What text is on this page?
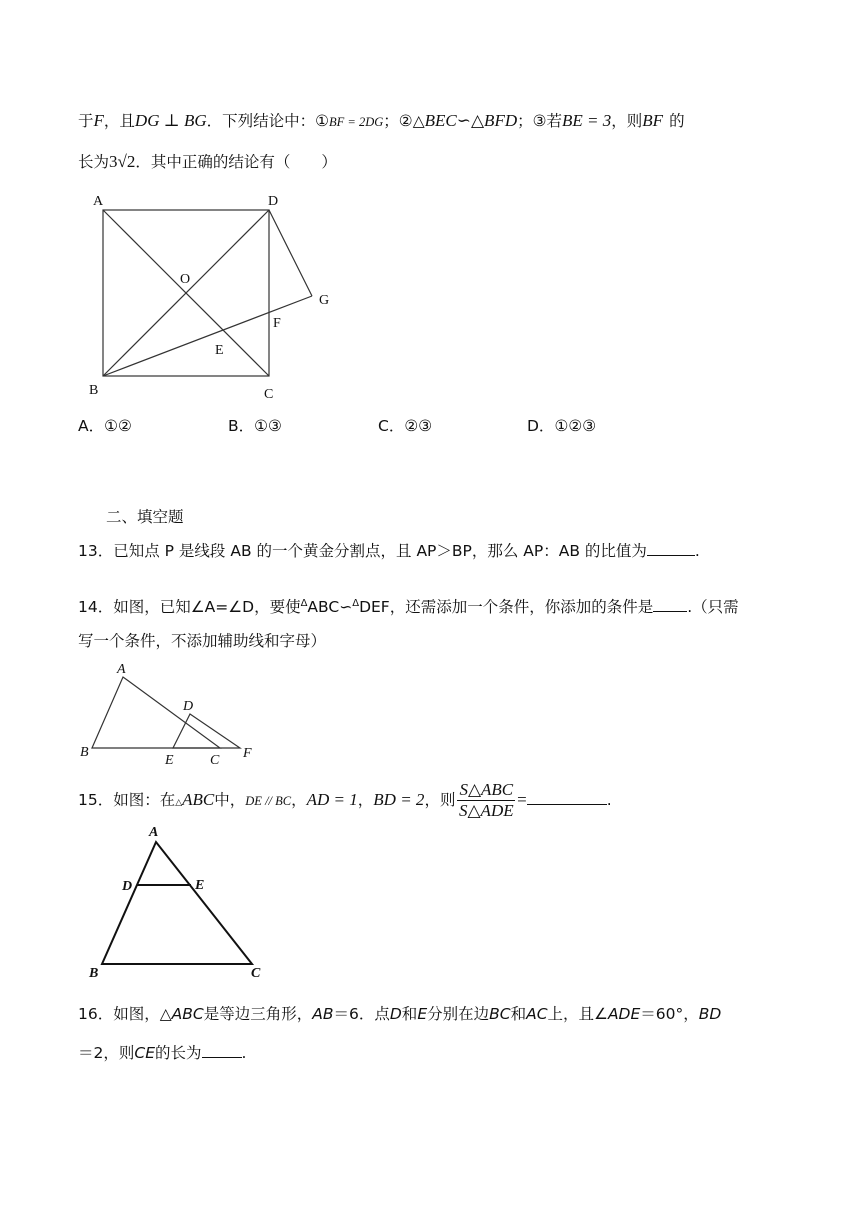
于F，且DG ⊥ BG．下列结论中：①BF = 2DG；②△BEC∽△BFD；③若BE = 3，则BF 的
长为3√2．其中正确的结论有（　　）
A	D
O
G
F
E
B	C
A．①②	B．①③	C．②③	D．①②③
二、填空题
13．已知点 P 是线段 AB 的一个黄金分割点，且 AP＞BP，那么 AP：AB 的比值为	.
14．如图，已知∠A=∠D，要使$^\Delta$ABC∽$^\Delta$DEF，还需添加一个条件，你添加的条件是 .（只需
写一个条件，不添加辅助线和字母）
A
D
B
E	C F
15．如图：在△ABC中，DE // BC，AD = 1，BD = 2，则 $\frac{\text{S△ABC}}{\text{S△ADE}}$ =	.
A
D	E
B	C
16．如图，△ABC是等边三角形，AB＝6．点D和E分别在边BC和AC上，且∠ADE＝60°，BD
＝2，则CE的长为	.
